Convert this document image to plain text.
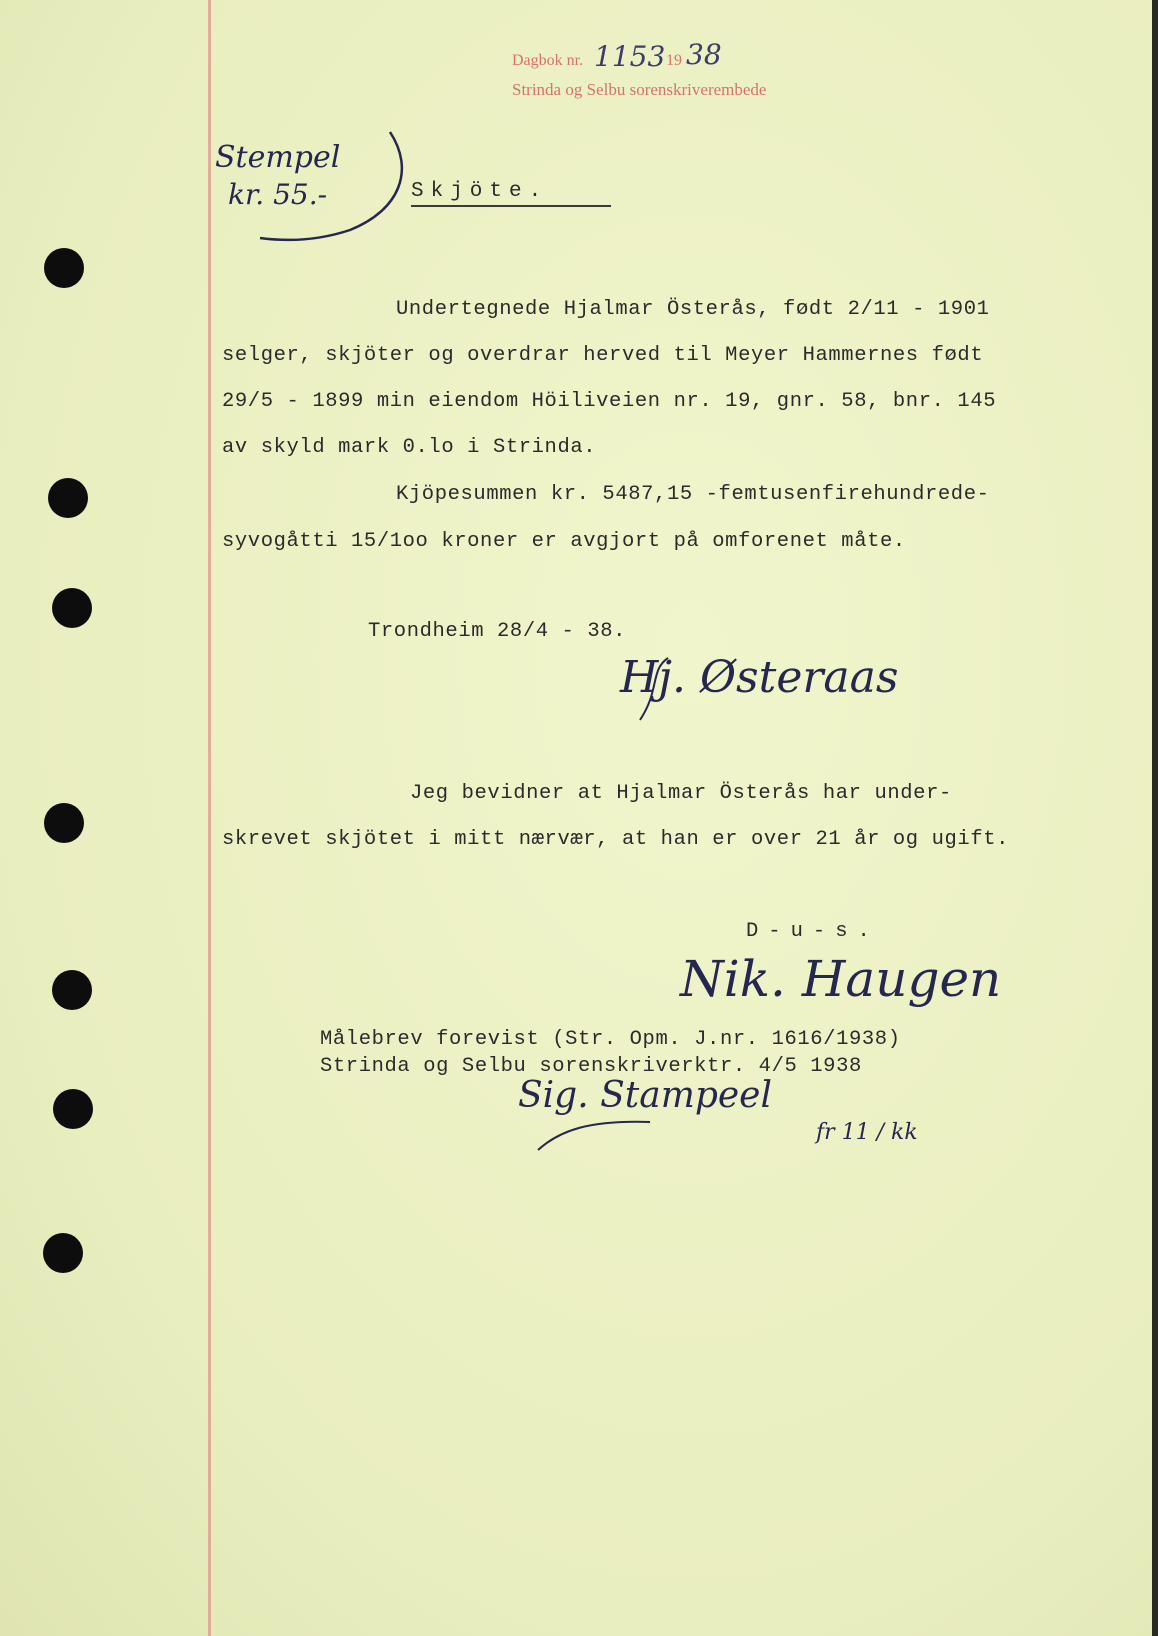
Dagbok nr. 1153 19 38
Strinda og Selbu sorenskriverembede
Stempel
kr. 55.-	Skjöte.
Undertegnede Hjalmar Österås, født 2/11 - 1901
selger, skjöter og overdrar herved til Meyer Hammernes født
29/5 - 1899 min eiendom Höiliveien nr. 19, gnr. 58, bnr. 145
av skyld mark 0.lo i Strinda.
Kjöpesummen kr. 5487,15 -femtusenfirehundrede-
syvogåtti 15/1oo kroner er avgjort på omforenet måte.
Trondheim 28/4 - 38.
Hj. Østeraas
Jeg bevidner at Hjalmar Österås har under-
skrevet skjötet i mitt nærvær, at han er over 21 år og ugift.
D-u-s.
Nik. Haugen
Målebrev forevist (Str. Opm. J.nr. 1616/1938)
Strinda og Selbu sorenskriverktr. 4/5 1938
Sig. Stampeel
fr 11 / kk
